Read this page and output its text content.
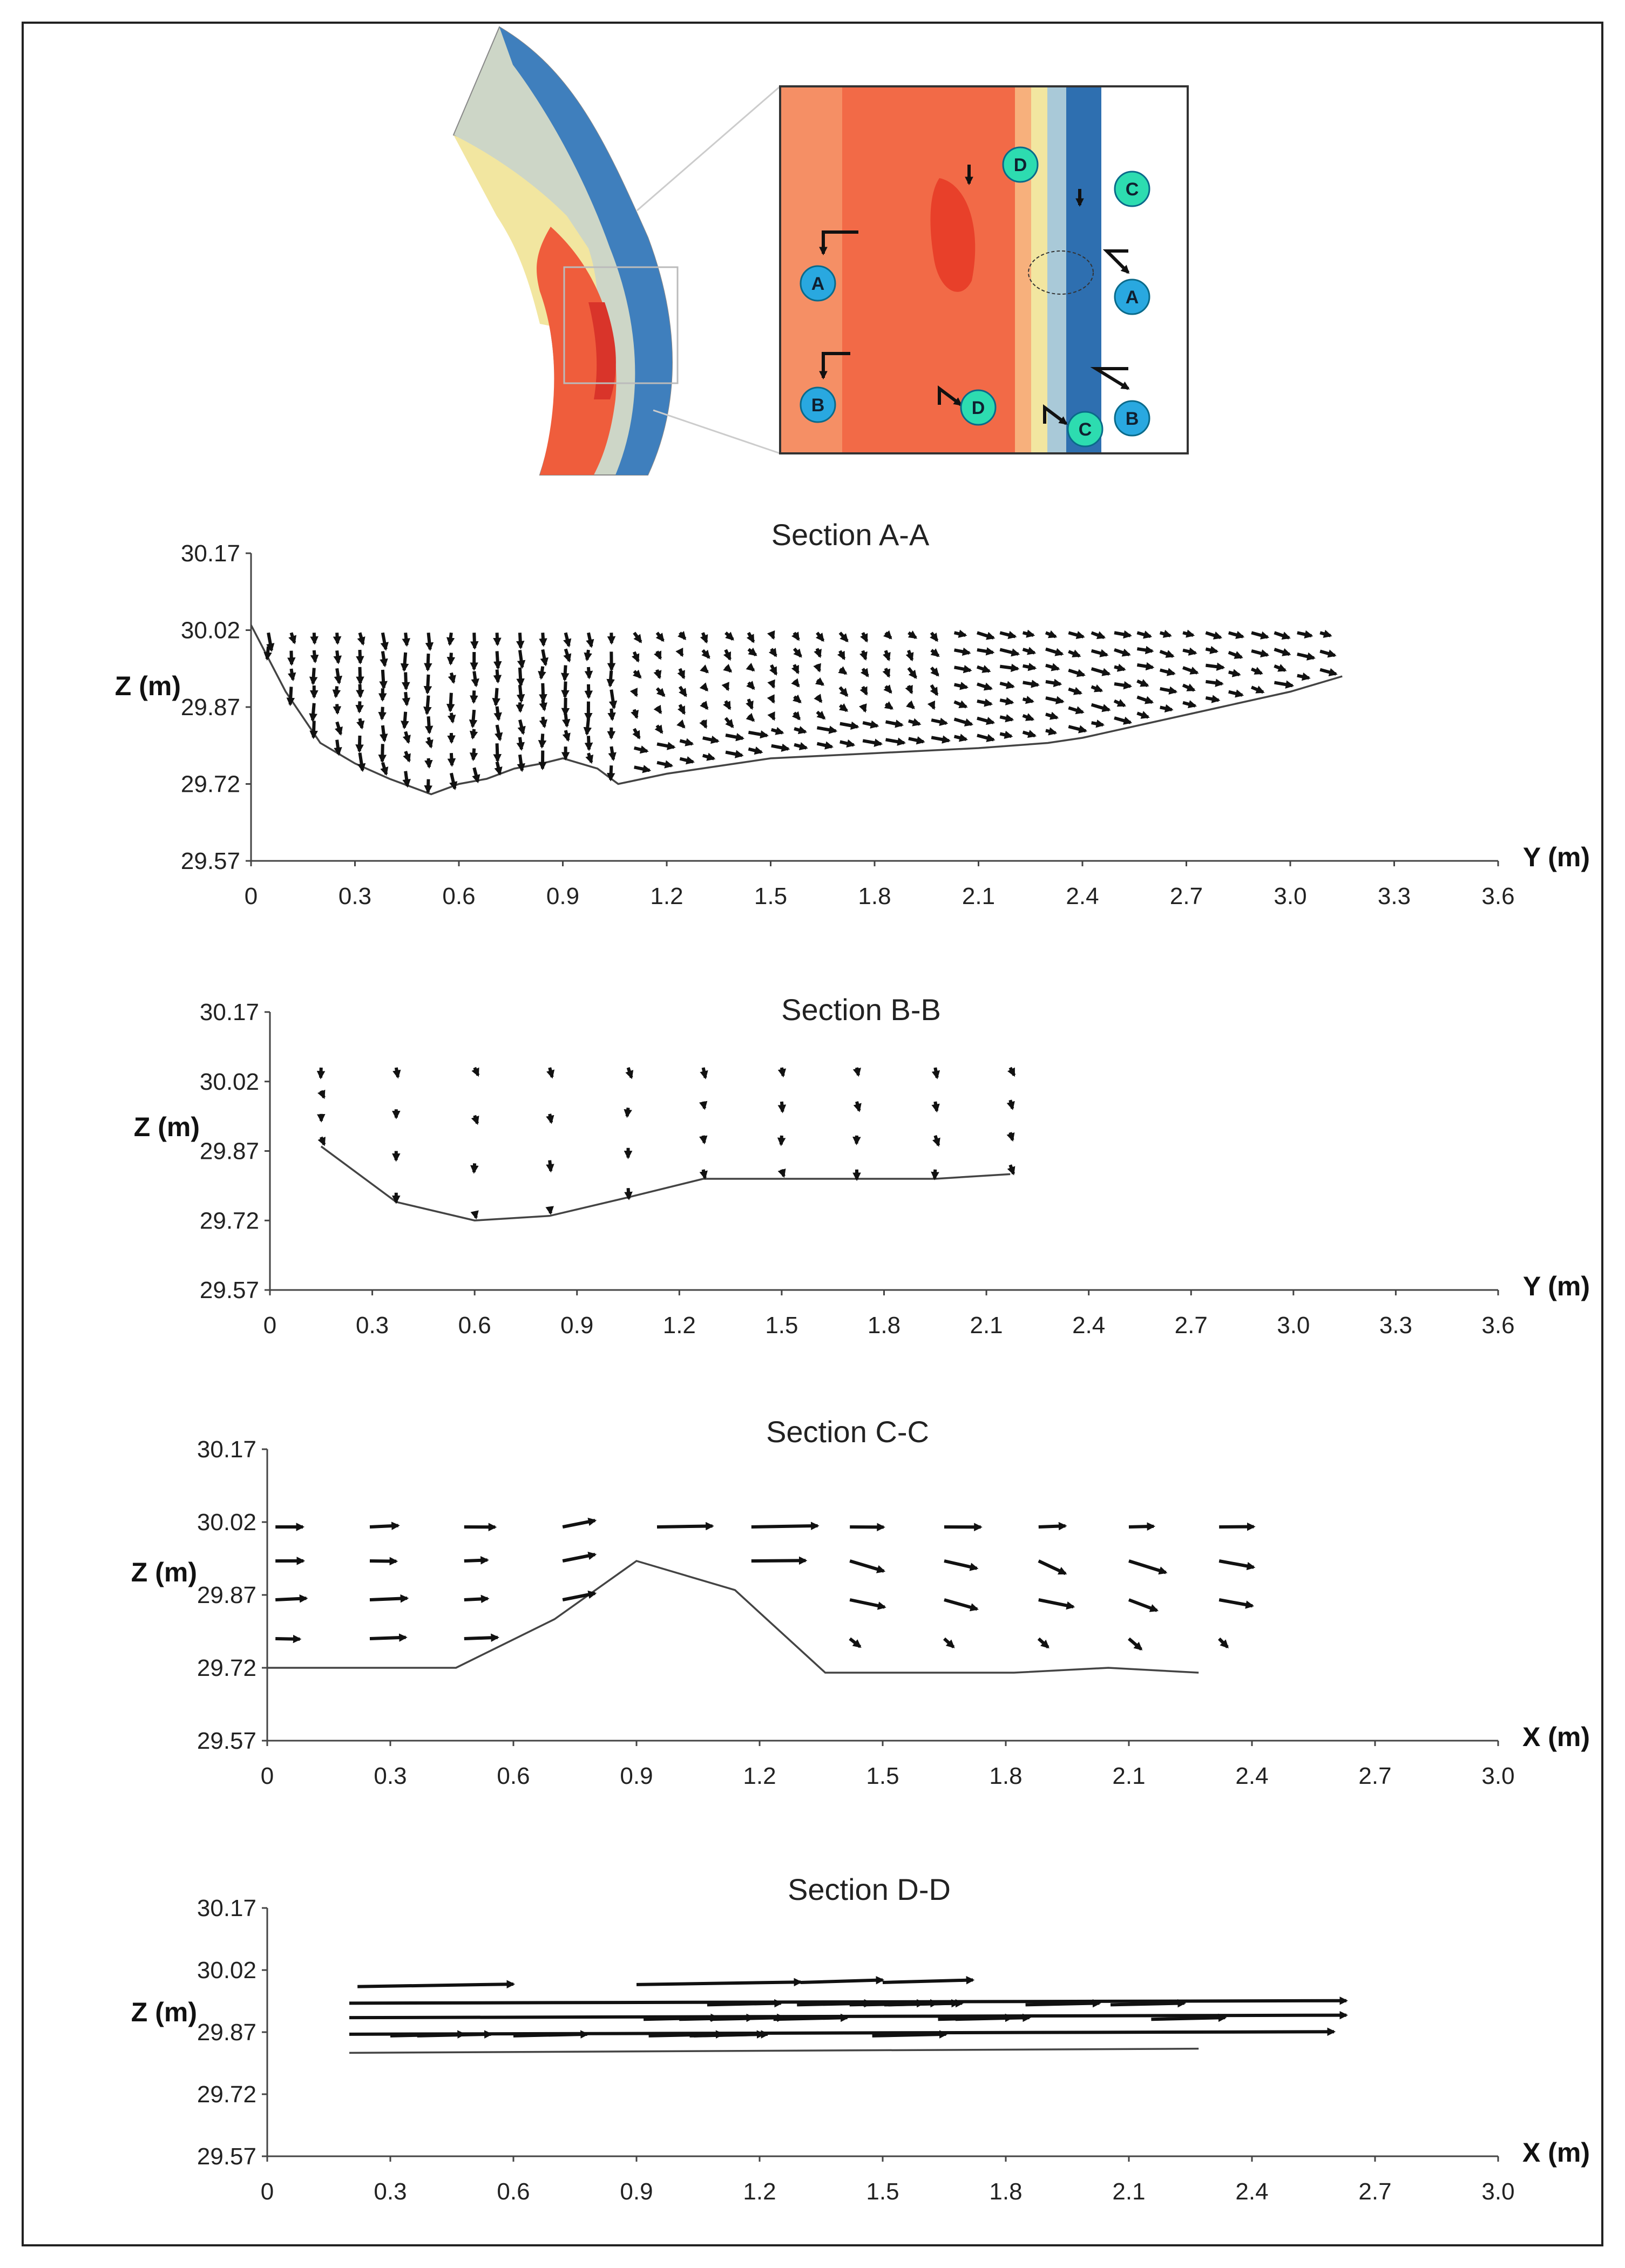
A
B
D
D
C
C
A
B
Section A-A
30.17
30.02
29.87
29.72
29.57
0	0.3	0.6	0.9	1.2	1.5	1.8	2.1	2.4	2.7	3.0	3.3	3.6
Z (m)
Y (m)
Section B-B
30.17
30.02
29.87
29.72
29.57
0	0.3	0.6	0.9	1.2	1.5	1.8	2.1	2.4	2.7	3.0	3.3	3.6
Z (m)
Y (m)
Section C-C
30.17
30.02
29.87
29.72
29.57
0	0.3	0.6	0.9	1.2	1.5	1.8	2.1	2.4	2.7	3.0
Z (m)
X (m)
Section D-D
30.17
30.02
29.87
29.72
29.57
0	0.3	0.6	0.9	1.2	1.5	1.8	2.1	2.4	2.7	3.0
Z (m)
X (m)
